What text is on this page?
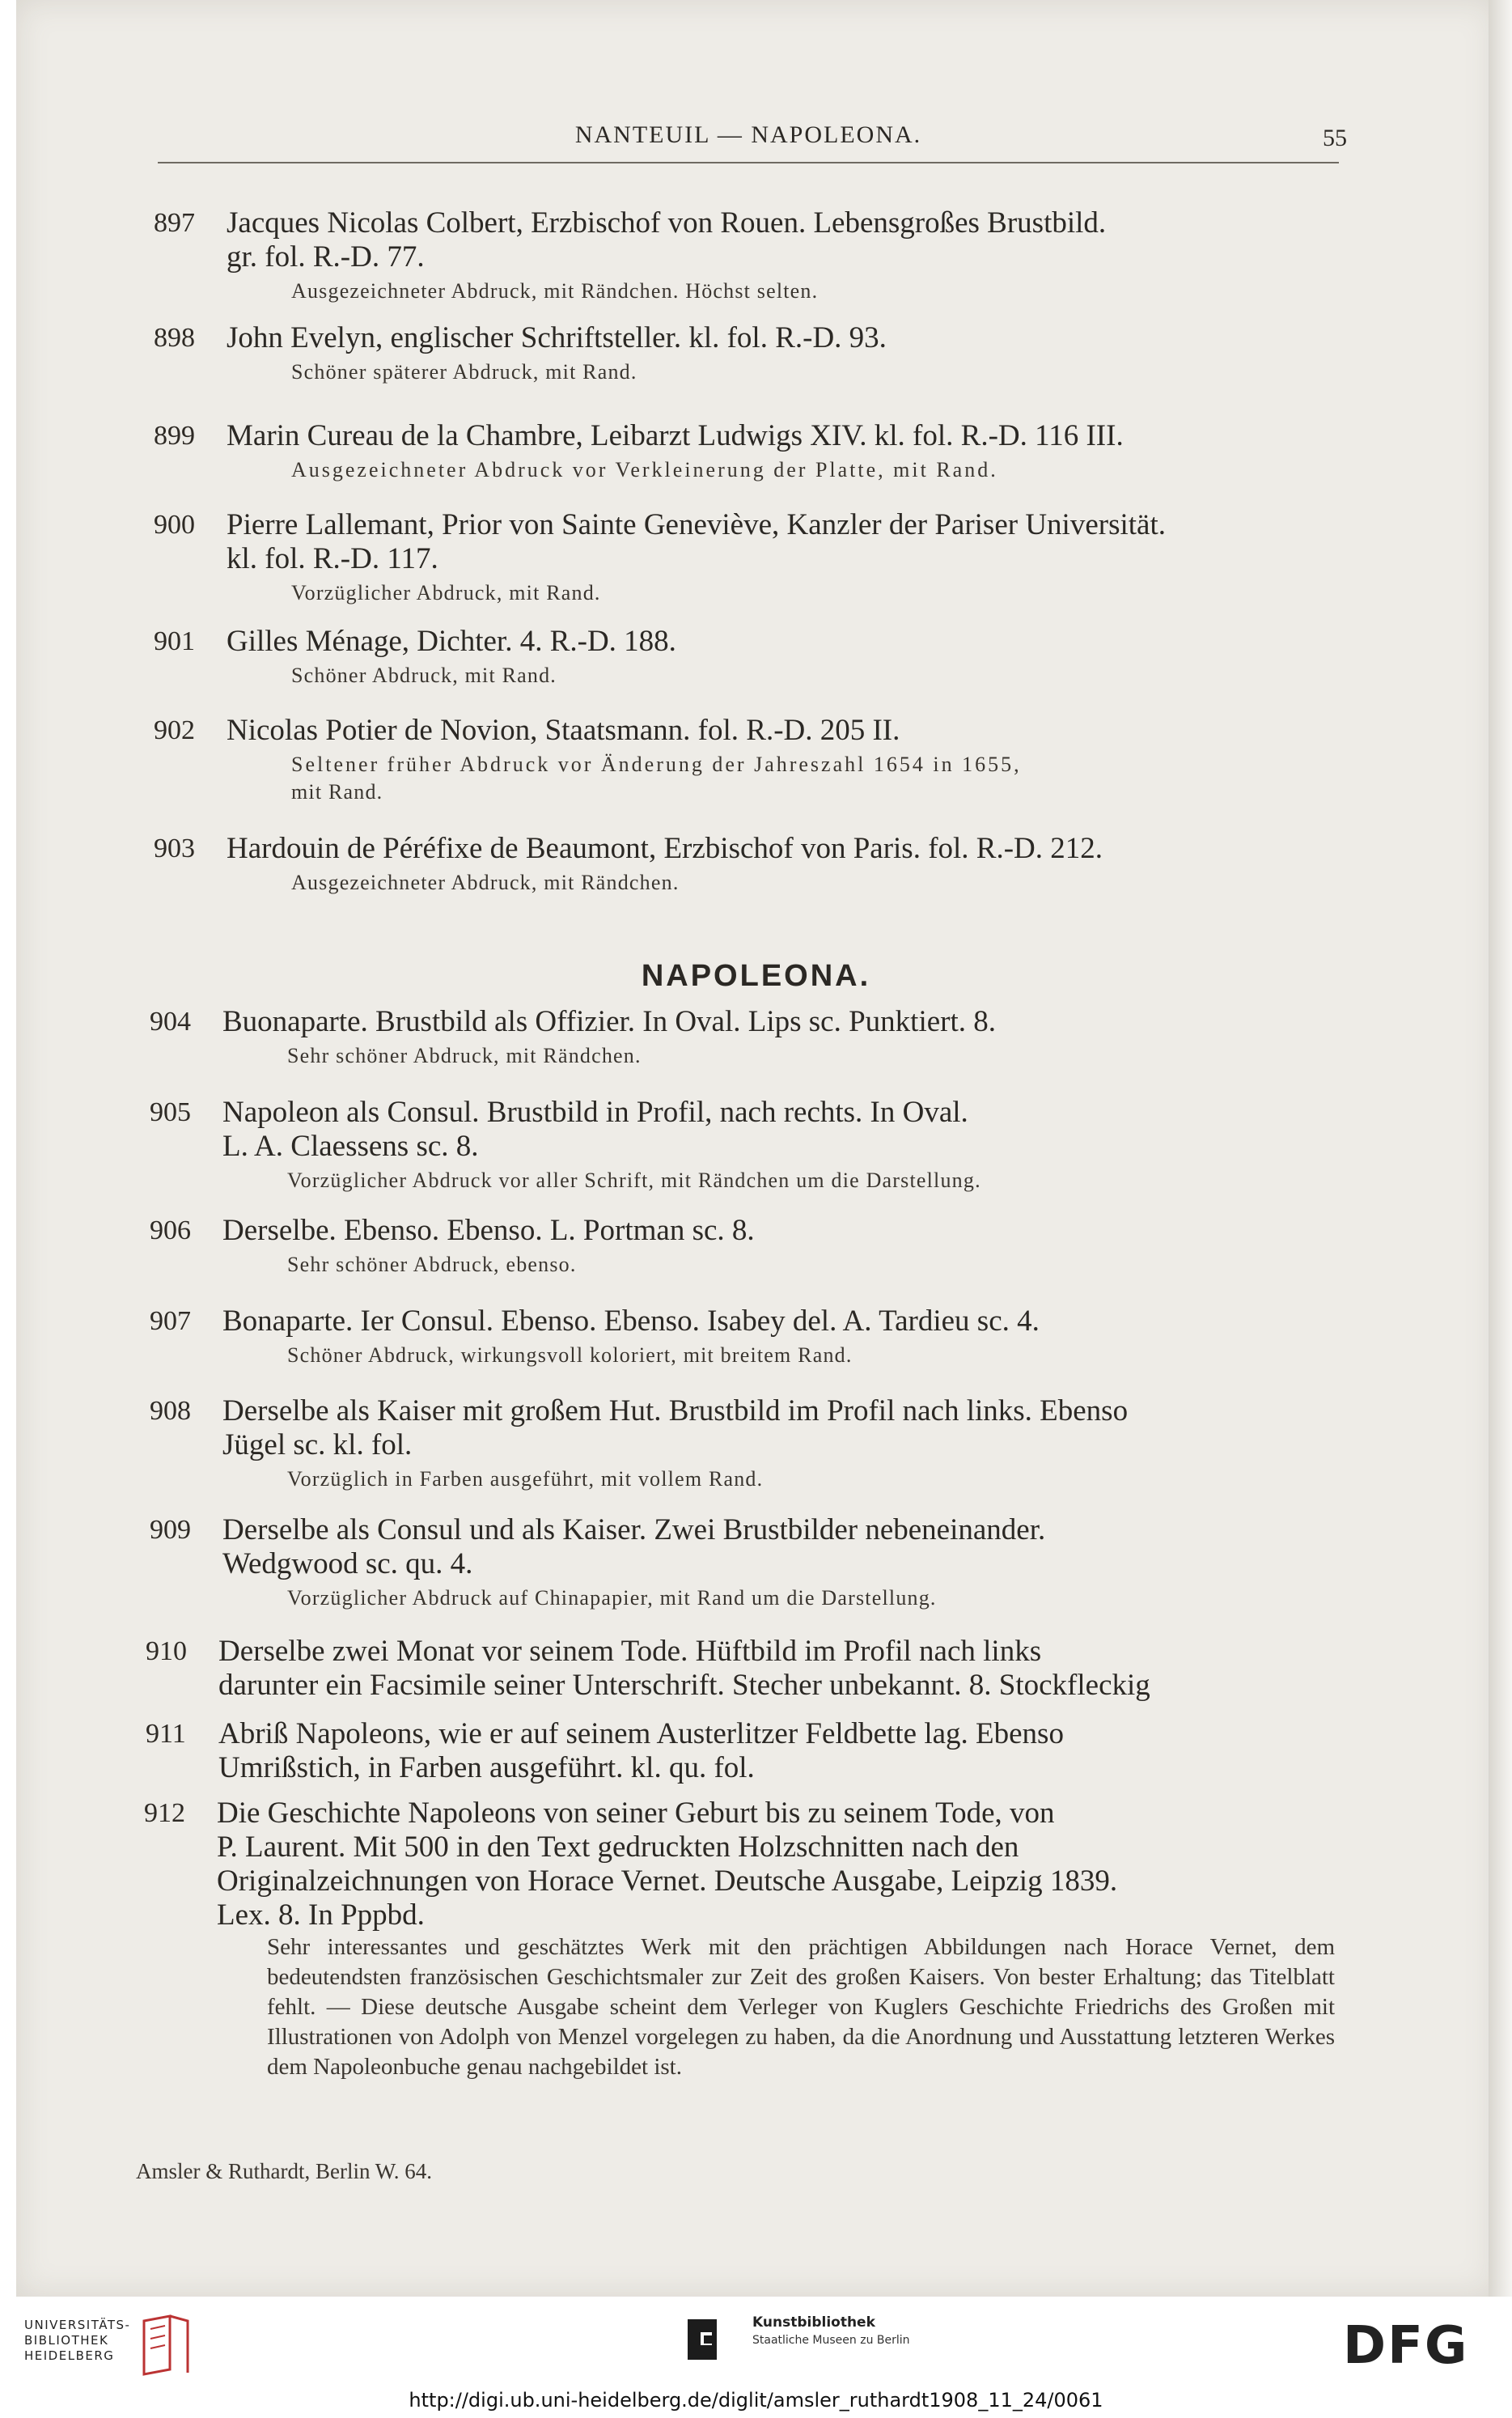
NANTEUIL — NAPOLEONA.	55
897	Jacques Nicolas Colbert, Erzbischof von Rouen. Lebensgroßes Brustbild.
gr. fol. R.-D. 77.
Ausgezeichneter Abdruck, mit Rändchen. Höchst selten.
898	John Evelyn, englischer Schriftsteller. kl. fol. R.-D. 93.
Schöner späterer Abdruck, mit Rand.
899	Marin Cureau de la Chambre, Leibarzt Ludwigs XIV. kl. fol. R.-D. 116 III.
Ausgezeichneter Abdruck vor Verkleinerung der Platte, mit Rand.
900	Pierre Lallemant, Prior von Sainte Geneviève, Kanzler der Pariser Universität.
kl. fol. R.-D. 117.
Vorzüglicher Abdruck, mit Rand.
901	Gilles Ménage, Dichter. 4. R.-D. 188.
Schöner Abdruck, mit Rand.
902	Nicolas Potier de Novion, Staatsmann. fol. R.-D. 205 II.
Seltener früher Abdruck vor Änderung der Jahreszahl 1654 in 1655,
mit Rand.
903	Hardouin de Péréfixe de Beaumont, Erzbischof von Paris. fol. R.-D. 212.
Ausgezeichneter Abdruck, mit Rändchen.
NAPOLEONA.
904	Buonaparte. Brustbild als Offizier. In Oval. Lips sc. Punktiert. 8.
Sehr schöner Abdruck, mit Rändchen.
905	Napoleon als Consul. Brustbild in Profil, nach rechts. In Oval.
L. A. Claessens sc. 8.
Vorzüglicher Abdruck vor aller Schrift, mit Rändchen um die Darstellung.
906	Derselbe. Ebenso. Ebenso. L. Portman sc. 8.
Sehr schöner Abdruck, ebenso.
907	Bonaparte. Ier Consul. Ebenso. Ebenso. Isabey del. A. Tardieu sc. 4.
Schöner Abdruck, wirkungsvoll koloriert, mit breitem Rand.
908	Derselbe als Kaiser mit großem Hut. Brustbild im Profil nach links. Ebenso
Jügel sc. kl. fol.
Vorzüglich in Farben ausgeführt, mit vollem Rand.
909	Derselbe als Consul und als Kaiser. Zwei Brustbilder nebeneinander.
Wedgwood sc. qu. 4.
Vorzüglicher Abdruck auf Chinapapier, mit Rand um die Darstellung.
910	Derselbe zwei Monat vor seinem Tode. Hüftbild im Profil nach links
darunter ein Facsimile seiner Unterschrift. Stecher unbekannt. 8. Stockfleckig
911	Abriß Napoleons, wie er auf seinem Austerlitzer Feldbette lag. Ebenso
Umrißstich, in Farben ausgeführt. kl. qu. fol.
912	Die Geschichte Napoleons von seiner Geburt bis zu seinem Tode, von
P. Laurent. Mit 500 in den Text gedruckten Holzschnitten nach den
Originalzeichnungen von Horace Vernet. Deutsche Ausgabe, Leipzig 1839.
Lex. 8. In Pppbd.
Sehr interessantes und geschätztes Werk mit den prächtigen Abbildungen nach Horace Vernet, dem bedeutendsten französischen Geschichtsmaler zur Zeit des großen Kaisers. Von bester Erhaltung; das Titelblatt fehlt. — Diese deutsche Ausgabe scheint dem Verleger von Kuglers Geschichte Friedrichs des Großen mit Illustrationen von Adolph von Menzel vorgelegen zu haben, da die Anordnung und Ausstattung letzteren Werkes dem Napoleonbuche genau nachgebildet ist.
Amsler & Ruthardt, Berlin W. 64.
UNIVERSITÄTS-
BIBLIOTHEK
HEIDELBERG
Kunstbibliothek
Staatliche Museen zu Berlin	DFG
http://digi.ub.uni-heidelberg.de/diglit/amsler_ruthardt1908_11_24/0061
